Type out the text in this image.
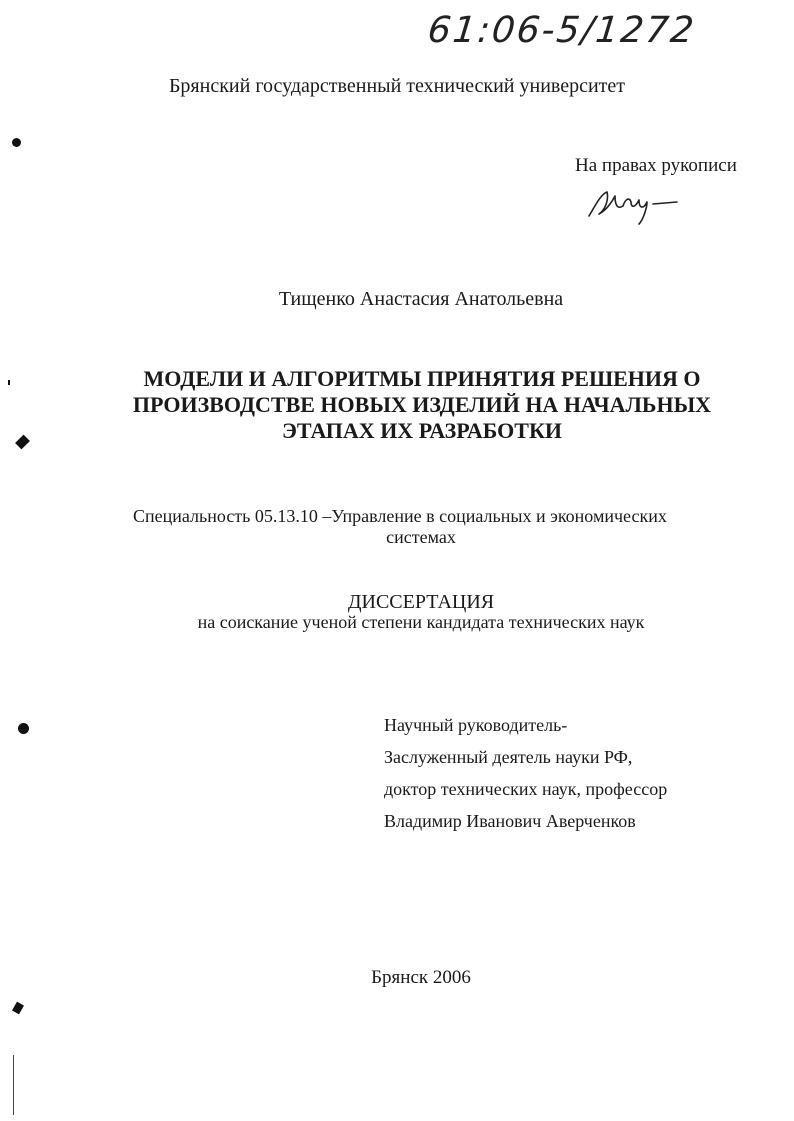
61:06-5/1272
Брянский государственный технический университет
На правах рукописи
Тищенко Анастасия Анатольевна
МОДЕЛИ И АЛГОРИТМЫ ПРИНЯТИЯ РЕШЕНИЯ О
ПРОИЗВОДСТВЕ НОВЫХ ИЗДЕЛИЙ НА НАЧАЛЬНЫХ
ЭТАПАХ ИХ РАЗРАБОТКИ
Специальность 05.13.10 –Управление в социальных и экономических
системах
ДИССЕРТАЦИЯ
на соискание ученой степени кандидата технических наук
Научный руководитель-
Заслуженный деятель науки РФ,
доктор технических наук, профессор
Владимир Иванович Аверченков
Брянск 2006
